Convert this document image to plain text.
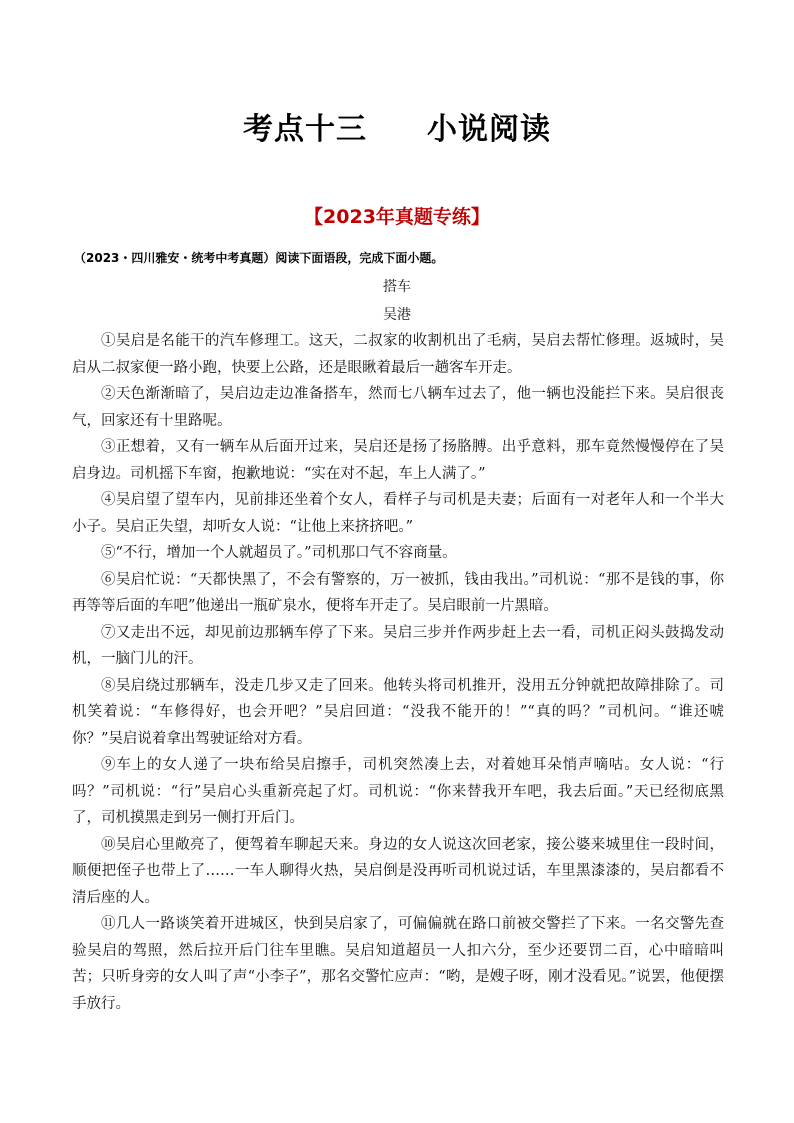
考点十三 小说阅读
【2023年真题专练】
（2023・四川雅安・统考中考真题）阅读下面语段，完成下面小题。
搭车
吴港

①吴启是名能干的汽车修理工。这天，二叔家的收割机出了毛病，吴启去帮忙修理。返城时，吴启从二叔家便一路小跑，快要上公路，还是眼瞅着最后一趟客车开走。

②天色渐渐暗了，吴启边走边准备搭车，然而七八辆车过去了，他一辆也没能拦下来。吴启很丧气，回家还有十里路呢。

③正想着，又有一辆车从后面开过来，吴启还是扬了扬胳膊。出乎意料，那车竟然慢慢停在了吴启身边。司机摇下车窗，抱歉地说：“实在对不起，车上人满了。”

④吴启望了望车内，见前排还坐着个女人，看样子与司机是夫妻；后面有一对老年人和一个半大小子。吴启正失望，却听女人说：“让他上来挤挤吧。”

⑤“不行，增加一个人就超员了。”司机那口气不容商量。

⑥吴启忙说：“天都快黑了，不会有警察的，万一被抓，钱由我出。”司机说：“那不是钱的事，你再等等后面的车吧”他递出一瓶矿泉水，便将车开走了。吴启眼前一片黑暗。

⑦又走出不远，却见前边那辆车停了下来。吴启三步并作两步赶上去一看，司机正闷头鼓捣发动机，一脑门儿的汗。

⑧吴启绕过那辆车，没走几步又走了回来。他转头将司机推开，没用五分钟就把故障排除了。司机笑着说：“车修得好，也会开吧？”吴启回道：“没我不能开的！”“真的吗？”司机问。“谁还唬你？”吴启说着拿出驾驶证给对方看。

⑨车上的女人递了一块布给吴启擦手，司机突然凑上去，对着她耳朵悄声嘀咕。女人说：“行吗？”司机说：“行”吴启心头重新亮起了灯。司机说：“你来替我开车吧，我去后面。”天已经彻底黑了，司机摸黑走到另一侧打开后门。

⑩吴启心里敞亮了，便驾着车聊起天来。身边的女人说这次回老家，接公婆来城里住一段时间，顺便把侄子也带上了……一车人聊得火热，吴启倒是没再听司机说过话，车里黑漆漆的，吴启都看不清后座的人。

⑪几人一路谈笑着开进城区，快到吴启家了，可偏偏就在路口前被交警拦了下来。一名交警先查验吴启的驾照，然后拉开后门往车里瞧。吴启知道超员一人扣六分，至少还要罚二百，心中暗暗叫苦；只听身旁的女人叫了声“小李子”，那名交警忙应声：“哟，是嫂子呀，刚才没看见。”说罢，他便摆手放行。
